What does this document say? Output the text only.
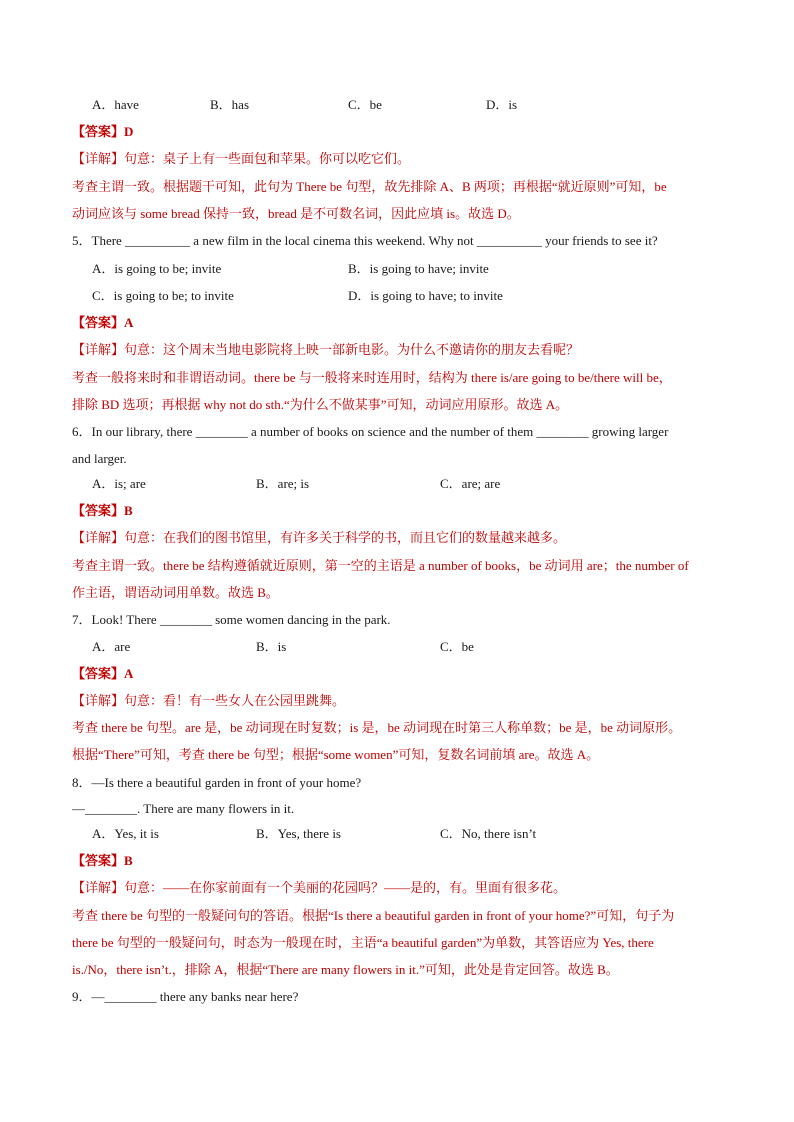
A．have	B．has	C．be	D．is
【答案】D
【详解】句意：桌子上有一些面包和苹果。你可以吃它们。
考查主谓一致。根据题干可知，此句为 There be 句型，故先排除 A、B 两项；再根据“就近原则”可知，be
动词应该与 some bread 保持一致，bread 是不可数名词，因此应填 is。故选 D。
5．There __________ a new film in the local cinema this weekend. Why not __________ your friends to see it?
A．is going to be; invite	B．is going to have; invite
C．is going to be; to invite	D．is going to have; to invite
【答案】A
【详解】句意：这个周末当地电影院将上映一部新电影。为什么不邀请你的朋友去看呢？
考查一般将来时和非谓语动词。there be 与一般将来时连用时，结构为 there is/are going to be/there will be，
排除 BD 选项；再根据 why not do sth.“为什么不做某事”可知，动词应用原形。故选 A。
6．In our library, there ________ a number of books on science and the number of them ________ growing larger
and larger.
A．is; are	B．are; is	C．are; are
【答案】B
【详解】句意：在我们的图书馆里，有许多关于科学的书，而且它们的数量越来越多。
考查主谓一致。there be 结构遵循就近原则，第一空的主语是 a number of books，be 动词用 are；the number of
作主语，谓语动词用单数。故选 B。
7．Look! There ________ some women dancing in the park.
A．are	B．is	C．be
【答案】A
【详解】句意：看！有一些女人在公园里跳舞。
考查 there be 句型。are 是，be 动词现在时复数；is 是，be 动词现在时第三人称单数；be 是，be 动词原形。
根据“There”可知，考查 there be 句型；根据“some women”可知，复数名词前填 are。故选 A。
8．—Is there a beautiful garden in front of your home?
—________. There are many flowers in it.
A．Yes, it is	B．Yes, there is	C．No, there isn’t
【答案】B
【详解】句意：——在你家前面有一个美丽的花园吗？——是的，有。里面有很多花。
考查 there be 句型的一般疑问句的答语。根据“Is there a beautiful garden in front of your home?”可知，句子为
there be 句型的一般疑问句，时态为一般现在时，主语“a beautiful garden”为单数，其答语应为 Yes, there
is./No，there isn’t.，排除 A，根据“There are many flowers in it.”可知，此处是肯定回答。故选 B。
9．—________ there any banks near here?
